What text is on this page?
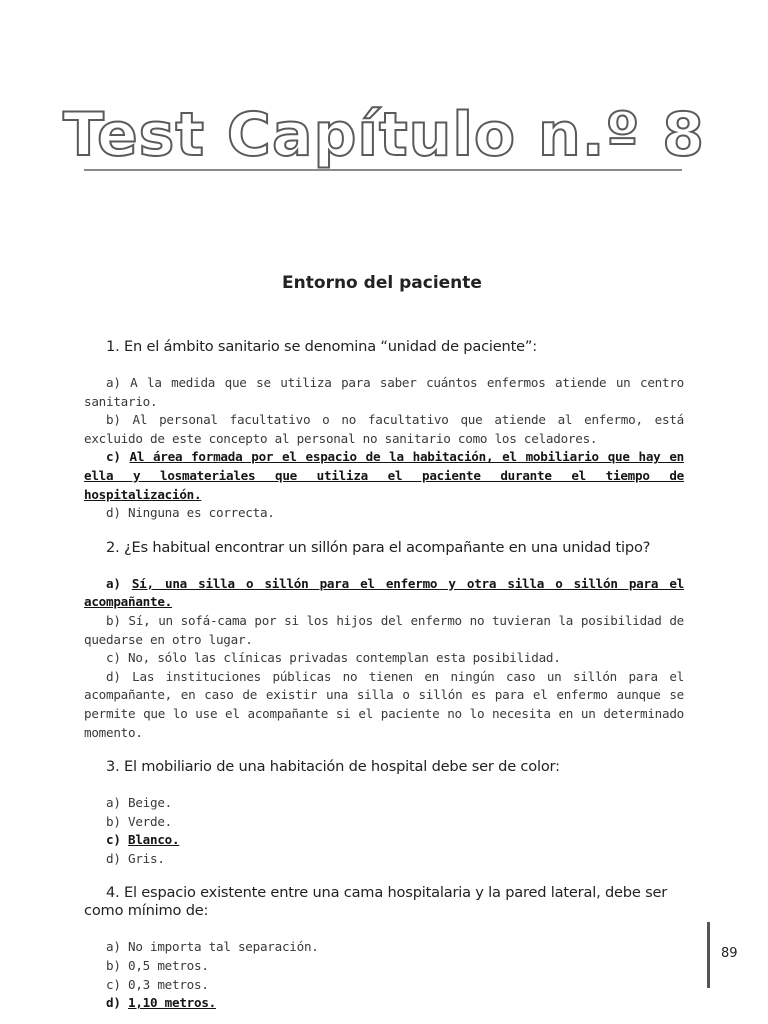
Test Capítulo n.º 8
Entorno del paciente

1. En el ámbito sanitario se denomina “unidad de paciente”:

a) A la medida que se utiliza para saber cuántos enfermos atiende un centro sanitario.

b) Al personal facultativo o no facultativo que atiende al enfermo, está excluido de este concepto al personal no sanitario como los celadores.

c) Al área formada por el espacio de la habitación, el mobiliario que hay en ella y losmateriales que utiliza el paciente durante el tiempo de hospitalización.

d) Ninguna es correcta.

2. ¿Es habitual encontrar un sillón para el acompañante en una unidad tipo?

a) Sí, una silla o sillón para el enfermo y otra silla o sillón para el acompañante.

b) Sí, un sofá-cama por si los hijos del enfermo no tuvieran la posibilidad de quedarse en otro lugar.

c) No, sólo las clínicas privadas contemplan esta posibilidad.

d) Las instituciones públicas no tienen en ningún caso un sillón para el acompañante, en caso de existir una silla o sillón es para el enfermo aunque se permite que lo use el acompañante si el paciente no lo necesita en un determinado momento.

3. El mobiliario de una habitación de hospital debe ser de color:

a) Beige.

b) Verde.

c) Blanco.

d) Gris.

4. El espacio existente entre una cama hospitalaria y la pared lateral, debe ser como mínimo de:

a) No importa tal separación.

b) 0,5 metros.

c) 0,3 metros.

d) 1,10 metros.

89
